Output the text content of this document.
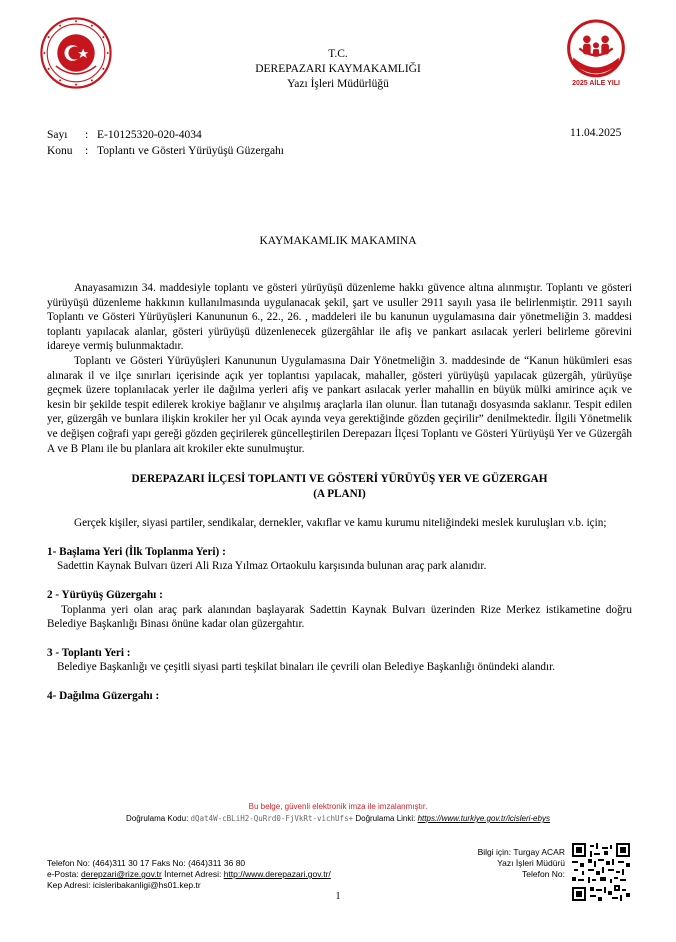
2025 AİLE YILI
T.C.
DEREPAZARI KAYMAKAMLIĞI
Yazı İşleri Müdürlüğü
Sayı	: E-10125320-020-4034
Konu	: Toplantı ve Gösteri Yürüyüşü Güzergahı
11.04.2025
KAYMAKAMLIK MAKAMINA

Anayasamızın 34. maddesiyle toplantı ve gösteri yürüyüşü düzenleme hakkı güvence altına alınmıştır. Toplantı ve gösteri yürüyüşü düzenleme hakkının kullanılmasında uygulanacak şekil, şart ve usuller 2911 sayılı yasa ile belirlenmiştir. 2911 sayılı Toplantı ve Gösteri Yürüyüşleri Kanununun 6., 22., 26. , maddeleri ile bu kanunun uygulamasına dair yönetmeliğin 3. maddesi toplantı yapılacak alanlar, gösteri yürüyüşü düzenlenecek güzergâhlar ile afiş ve pankart asılacak yerleri belirleme görevini idareye vermiş bulunmaktadır.

Toplantı ve Gösteri Yürüyüşleri Kanununun Uygulamasına Dair Yönetmeliğin 3. maddesinde de “Kanun hükümleri esas alınarak il ve ilçe sınırları içerisinde açık yer toplantısı yapılacak, mahaller, gösteri yürüyüşü yapılacak güzergâh, yürüyüşe geçmek üzere toplanılacak yerler ile dağılma yerleri afiş ve pankart asılacak yerler mahallin en büyük mülki amirince açık ve kesin bir şekilde tespit edilerek krokiye bağlanır ve alışılmış araçlarla ilan olunur. İlan tutanağı dosyasında saklanır. Tespit edilen yer, güzergâh ve bunlara ilişkin krokiler her yıl Ocak ayında veya gerektiğinde gözden geçirilir” denilmektedir. İlgili Yönetmelik ve değişen coğrafi yapı gereği gözden geçirilerek güncelleştirilen Derepazarı İlçesi Toplantı ve Gösteri Yürüyüşü Yer ve Güzergâh A ve B Planı ile bu planlara ait krokiler ekte sunulmuştur.

DEREPAZARI İLÇESİ TOPLANTI VE GÖSTERİ YÜRÜYÜŞ YER VE GÜZERGAH
(A PLANI)

Gerçek kişiler, siyasi partiler, sendikalar, dernekler, vakıflar ve kamu kurumu niteliğindeki meslek kuruluşları v.b. için;

1- Başlama Yeri (İlk Toplanma Yeri) :

Sadettin Kaynak Bulvarı üzeri Ali Rıza Yılmaz Ortaokulu karşısında bulunan araç park alanıdır.

2 - Yürüyüş Güzergahı :

Toplanma yeri olan araç park alanından başlayarak Sadettin Kaynak Bulvarı üzerinden Rize Merkez istikametine doğru Belediye Başkanlığı Binası önüne kadar olan güzergahtır.

3 - Toplantı Yeri :

Belediye Başkanlığı ve çeşitli siyasi parti teşkilat binaları ile çevrili olan Belediye Başkanlığı önündeki alandır.

4- Dağılma Güzergahı :

Bu belge, güvenli elektronik imza ile imzalanmıştır.
Doğrulama Kodu: dQat4W-cBLiH2-QuRrd0-FjVkRt-vichUfs+ Doğrulama Linki: https://www.turkiye.gov.tr/icisleri-ebys
Telefon No: (464)311 30 17 Faks No: (464)311 36 80
e-Posta: derepzari@rize.gov.tr İnternet Adresi: http://www.derepazari.gov.tr/
Kep Adresi: icisleribakanligi@hs01.kep.tr
Bilgi için: Turgay ACAR
Yazı İşleri Müdürü
Telefon No:
1
